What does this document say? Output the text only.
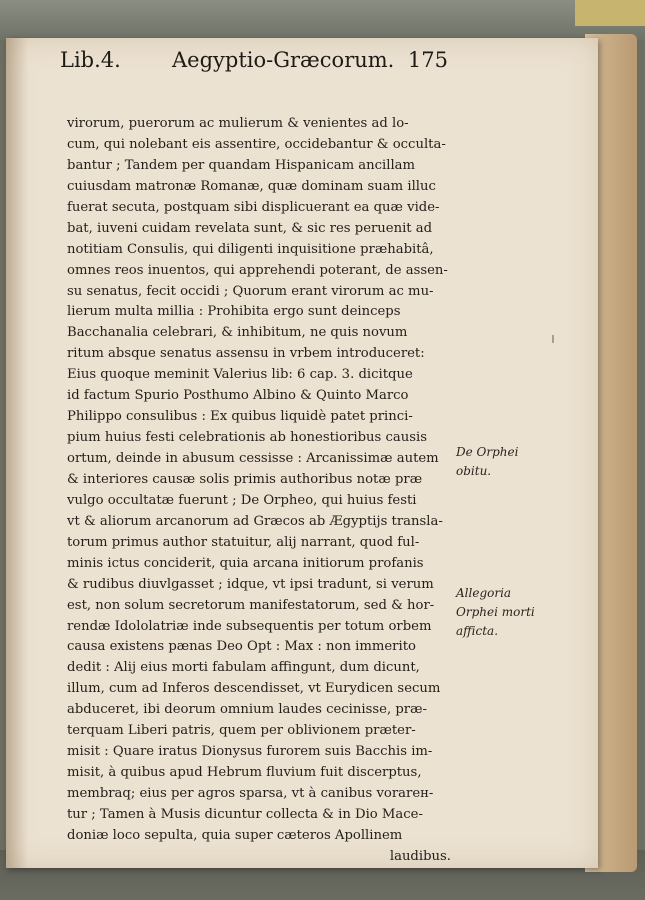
Lib.4. Aegyptio-Græcorum. 175
virorum, puerorum ac mulierum & venientes ad lo-
cum, qui nolebant eis assentire, occidebantur & occulta-
bantur ; Tandem per quandam Hispanicam ancillam
cuiusdam matronæ Romanæ, quæ dominam suam illuc
fuerat secuta, postquam sibi displicuerant ea quæ vide-
bat, iuveni cuidam revelata sunt, & sic res peruenit ad
notitiam Consulis, qui diligenti inquisitione præhabitâ,
omnes reos inuentos, qui apprehendi poterant, de assen-
su senatus, fecit occidi ; Quorum erant virorum ac mu-
lierum multa millia : Prohibita ergo sunt deinceps
Bacchanalia celebrari, & inhibitum, ne quis novum
ritum absque senatus assensu in vrbem introduceret:
Eius quoque meminit Valerius lib: 6 cap. 3. dicitque
id factum Spurio Posthumo Albino & Quinto Marco
Philippo consulibus : Ex quibus liquidè patet princi-
pium huius festi celebrationis ab honestioribus causis
ortum, deinde in abusum cessisse : Arcanissimæ autem
& interiores causæ solis primis authoribus notæ præ
vulgo occultatæ fuerunt ; De Orpheo, qui huius festi
vt & aliorum arcanorum ad Græcos ab Ægyptijs transla-
torum primus author statuitur, alij narrant, quod ful-
minis ictus conciderit, quia arcana initiorum profanis
& rudibus diuvlgasset ; idque, vt ipsi tradunt, si verum
est, non solum secretorum manifestatorum, sed & hor-
rendæ Idololatriæ inde subsequentis per totum orbem
causa existens pænas Deo Opt : Max : non immerito
dedit : Alij eius morti fabulam affingunt, dum dicunt,
illum, cum ad Inferos descendisset, vt Eurydicen secum
abduceret, ibi deorum omnium laudes cecinisse, præ-
terquam Liberi patris, quem per oblivionem præter-
misit : Quare iratus Dionysus furorem suis Bacchis im-
misit, à quibus apud Hebrum fluvium fuit discerptus,
membraq; eius per agros sparsa, vt à canibus vorarен-
tur ; Tamen à Musis dicuntur collecta & in Dio Mace-
doniæ loco sepulta, quia super cæteros Apollinem
laudibus.
De Orphei
obitu.
Allegoria
Orphei morti
afficta.
